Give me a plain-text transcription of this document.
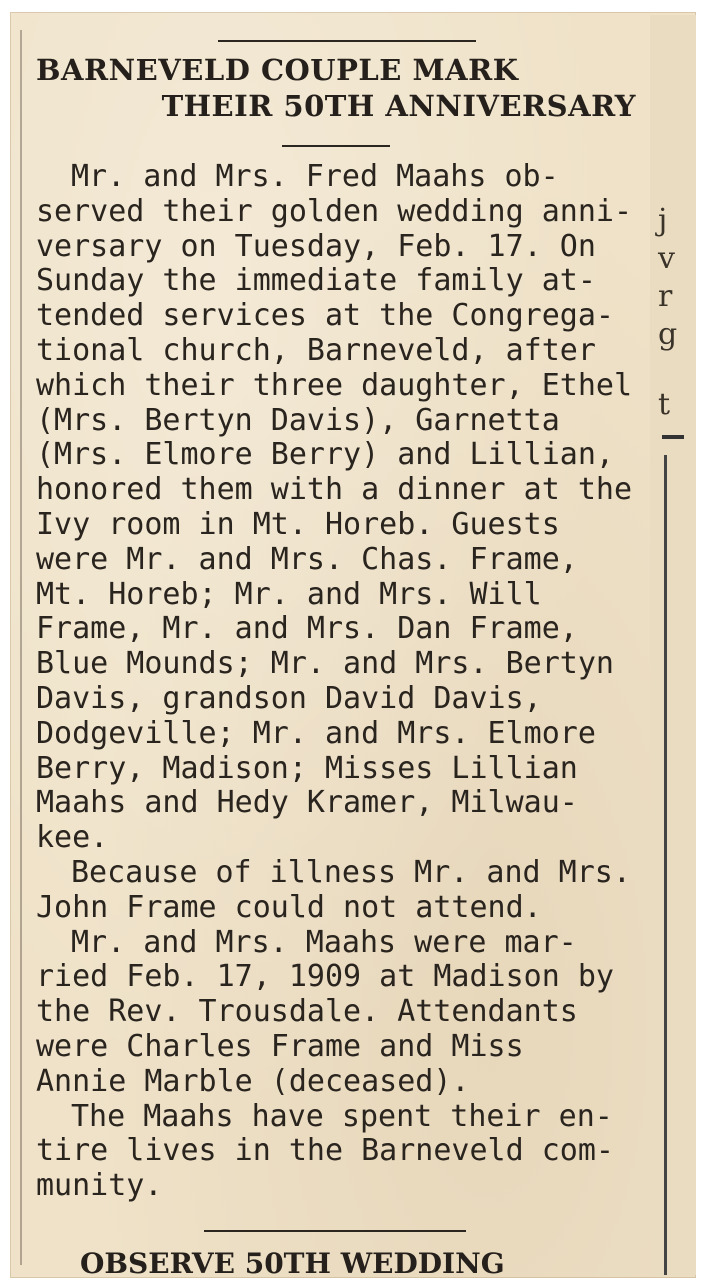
j
v
r
g
t
BARNEVELD COUPLE MARK
THEIR 50TH ANNIVERSARY

Mr. and Mrs. Fred Maahs ob-
served their golden wedding anni-
versary on Tuesday, Feb. 17. On
Sunday the immediate family at-
tended services at the Congrega-
tional church, Barneveld, after
which their three daughter, Ethel
(Mrs. Bertyn Davis), Garnetta
(Mrs. Elmore Berry) and Lillian,
honored them with a dinner at the
Ivy room in Mt. Horeb. Guests
were Mr. and Mrs. Chas. Frame,
Mt. Horeb; Mr. and Mrs. Will
Frame, Mr. and Mrs. Dan Frame,
Blue Mounds; Mr. and Mrs. Bertyn
Davis, grandson David Davis,
Dodgeville; Mr. and Mrs. Elmore
Berry, Madison; Misses Lillian
Maahs and Hedy Kramer, Milwau-
kee.

Because of illness Mr. and Mrs.
John Frame could not attend.

Mr. and Mrs. Maahs were mar-
ried Feb. 17, 1909 at Madison by
the Rev. Trousdale. Attendants
were Charles Frame and Miss
Annie Marble (deceased).

The Maahs have spent their en-
tire lives in the Barneveld com-
munity.

OBSERVE 50TH WEDDING
